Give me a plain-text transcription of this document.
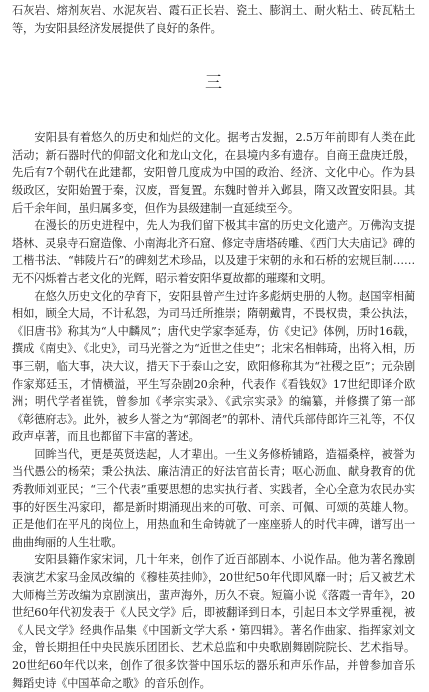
石灰岩、熔剂灰岩、水泥灰岩、霞石正长岩、瓷土、膨润土、耐火粘土、砖瓦粘土等，为安阳县经济发展提供了良好的条件。

三

安阳县有着悠久的历史和灿烂的文化。据考古发掘，2.5万年前即有人类在此活动；新石器时代的仰韶文化和龙山文化，在县境内多有遗存。自商王盘庚迁殷，先后有7个朝代在此建都，安阳曾几度成为中国的政治、经济、文化中心。作为县级政区，安阳始置于秦，汉废，晋复置。东魏时曾并入邺县，隋又改置安阳县。其后千余年间，虽归属多变，但作为县级建制一直延续至今。

在漫长的历史进程中，先人为我们留下极其丰富的历史文化遗产。万佛沟支提塔林、灵泉寺石窟造像、小南海北齐石窟、修定寺唐塔砖雕、《西门大夫庙记》碑的工楷书法、“韩陵片石”的碑刻艺术珍品，以及建于宋朝的永和石桥的宏规巨制……无不闪烁着古老文化的光辉，昭示着安阳华夏故都的璀璨和文明。

在悠久历史文化的孕育下，安阳县曾产生过许多彪炳史册的人物。赵国宰相蔺相如，顾全大局，不计私怨，为司马迁所推崇；隋朝戴胄，不畏权贵，秉公执法，《旧唐书》称其为“人中麟凤”；唐代史学家李延寿，仿《史记》体例，历时16载，撰成《南史》、《北史》，司马光誉之为“近世之佳史”；北宋名相韩琦，出将入相，历事三朝，临大事，决大议，措天下于泰山之安，欧阳修称其为“社稷之臣”；元杂剧作家郑廷玉，才情横溢，平生写杂剧20余种，代表作《看钱奴》17世纪即译介欧洲；明代学者崔铣，曾参加《孝宗实录》、《武宗实录》的编纂，并修撰了第一部《彰德府志》。此外，被乡人誉之为“郭阁老”的郭朴、清代兵部侍郎许三礼等，不仅政声卓著，而且也都留下丰富的著述。

回眸当代，更是英贤迭起，人才辈出。一生义务修桥铺路，造福桑梓，被誉为当代愚公的杨荣；秉公执法、廉洁清正的好法官苗长青；呕心沥血、献身教育的优秀教师刘亚民；“三个代表”重要思想的忠实执行者、实践者，全心全意为农民办实事的好医生冯家印，都是新时期涌现出来的可敬、可亲、可佩、可颂的英雄人物。正是他们在平凡的岗位上，用热血和生命铸就了一座座骄人的时代丰碑，谱写出一曲曲绚丽的人生壮歌。

安阳县籍作家宋词，几十年来，创作了近百部剧本、小说作品。他为著名豫剧表演艺术家马金凤改编的《穆桂英挂帅》，20世纪50年代即风靡一时；后又被艺术大师梅兰芳改编为京剧演出，蜚声海外，历久不衰。短篇小说《落霞一青年》，20世纪60年代初发表于《人民文学》后，即被翻译到日本，引起日本文学界重视，被《人民文学》经典作品集《中国新文学大系・第四辑》。著名作曲家、指挥家刘文金，曾长期担任中央民族乐团团长、艺术总监和中央歌剧舞剧院院长、艺术指导。20世纪60年代以来，创作了很多饮誉中国乐坛的器乐和声乐作品，并曾参加音乐舞蹈史诗《中国革命之歌》的音乐创作。
